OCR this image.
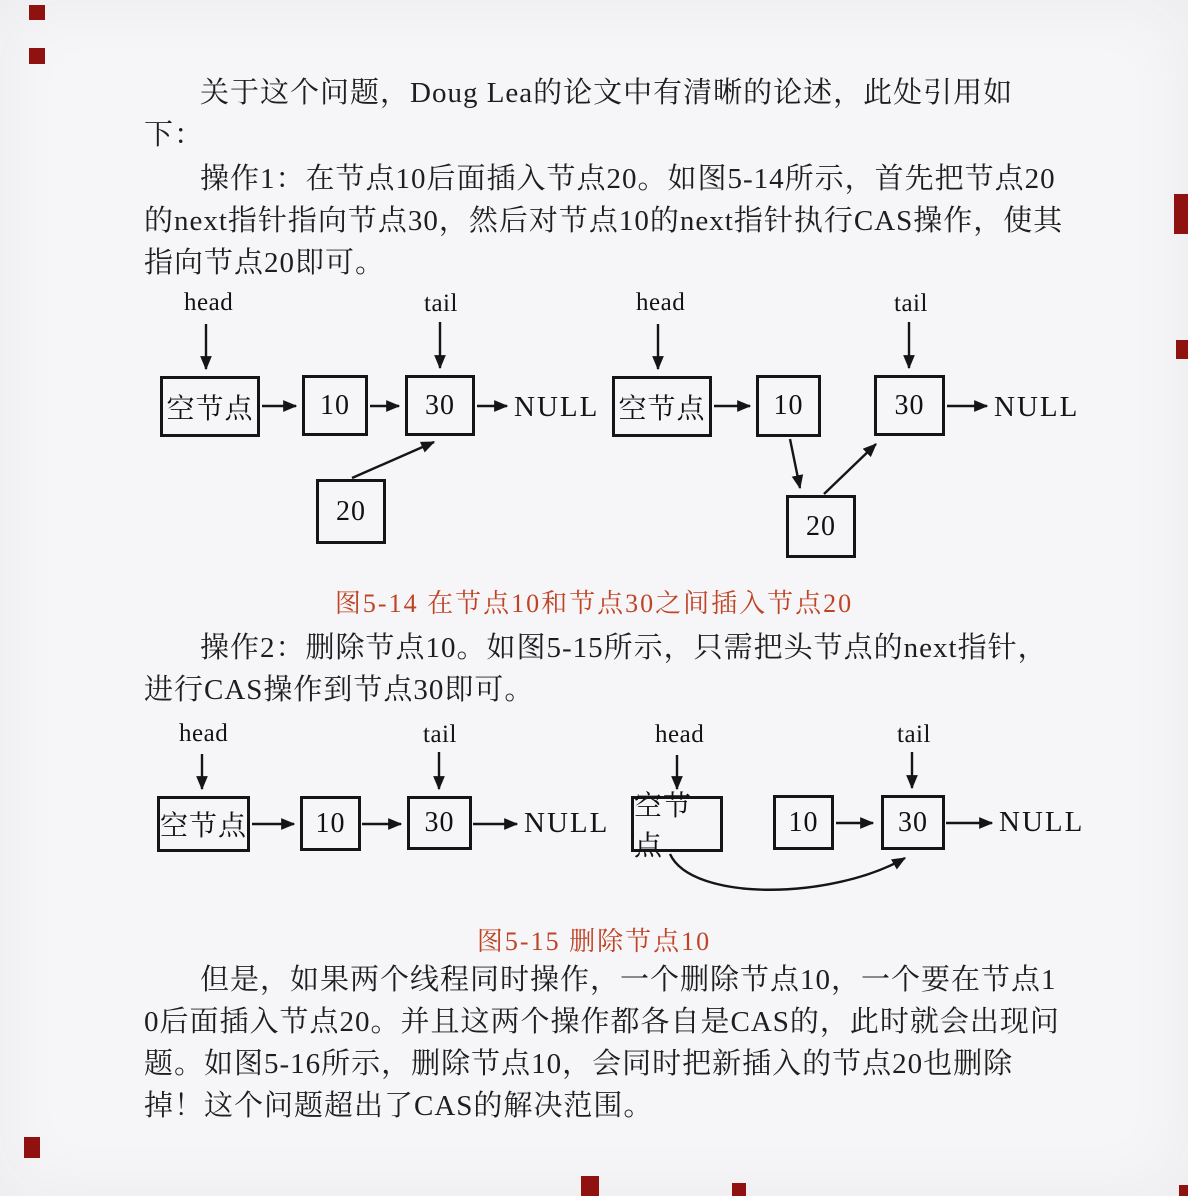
关于这个问题，Doug Lea的论文中有清晰的论述，此处引用如
下：
操作1：在节点10后面插入节点20。如图5-14所示，首先把节点20
的next指针指向节点30，然后对节点10的next指针执行CAS操作，使其
指向节点20即可。
操作2：删除节点10。如图5-15所示，只需把头节点的next指针，
进行CAS操作到节点30即可。
但是，如果两个线程同时操作，一个删除节点10，一个要在节点1
0后面插入节点20。并且这两个操作都各自是CAS的，此时就会出现问
题。如图5-16所示，删除节点10，会同时把新插入的节点20也删除
掉！这个问题超出了CAS的解决范围。
head	tail
空节点	10	30
20
NULL
head	tail
空节点	10	30
20
NULL
图5-14 在节点10和节点30之间插入节点20
head	tail
空节点	10	30	NULL
head	tail
空节点
10	30	NULL
图5-15 删除节点10
